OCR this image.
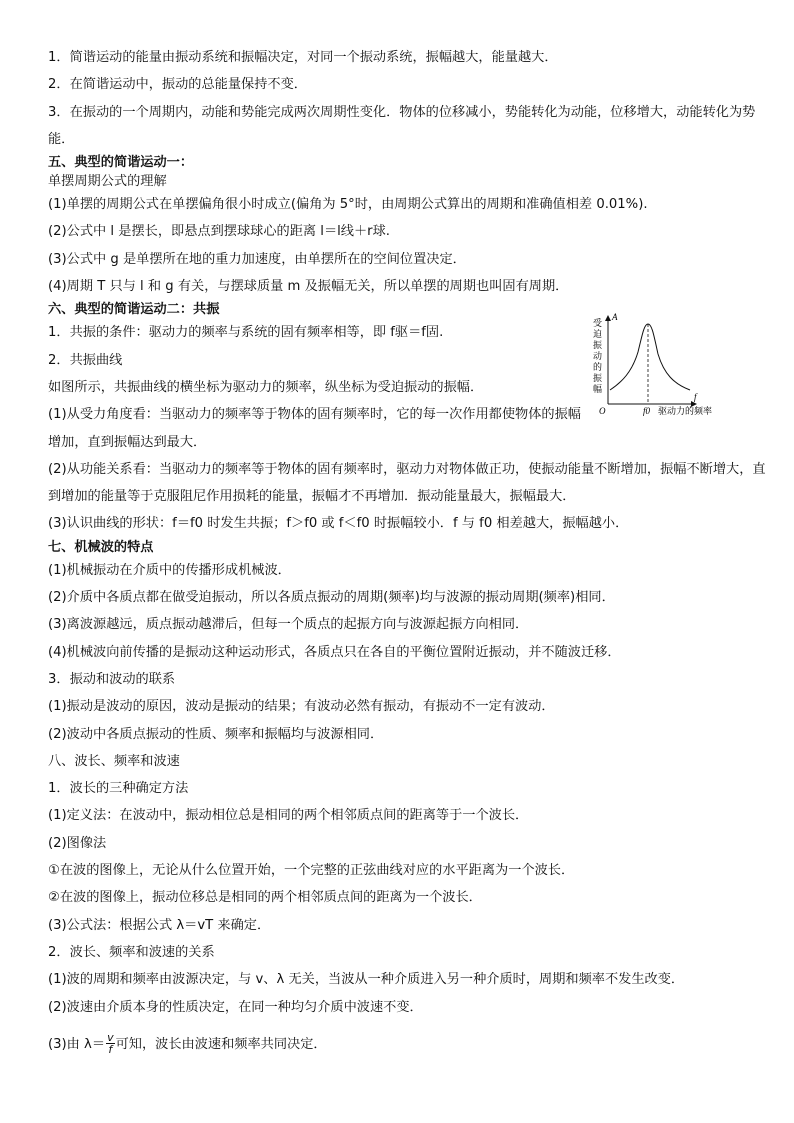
1．简谐运动的能量由振动系统和振幅决定，对同一个振动系统，振幅越大，能量越大．
2．在简谐运动中，振动的总能量保持不变．
3．在振动的一个周期内，动能和势能完成两次周期性变化．物体的位移减小，势能转化为动能，位移增大，动能转化为势能．
五、典型的简谐运动一：
单摆周期公式的理解
(1)单摆的周期公式在单摆偏角很小时成立(偏角为 5°时，由周期公式算出的周期和准确值相差 0.01%).
(2)公式中 l 是摆长，即悬点到摆球球心的距离 l＝l线＋r球.
(3)公式中 g 是单摆所在地的重力加速度，由单摆所在的空间位置决定．
(4)周期 T 只与 l 和 g 有关，与摆球质量 m 及振幅无关，所以单摆的周期也叫固有周期．
六、典型的简谐运动二：共振
1．共振的条件：驱动力的频率与系统的固有频率相等，即 f驱＝f固.
2．共振曲线
如图所示，共振曲线的横坐标为驱动力的频率，纵坐标为受迫振动的振幅．
(1)从受力角度看：当驱动力的频率等于物体的固有频率时，它的每一次作用都使物体的振幅增加，直到振幅达到最大．
(2)从功能关系看：当驱动力的频率等于物体的固有频率时，驱动力对物体做正功，使振动能量不断增加，振幅不断增大，直到增加的能量等于克服阻尼作用损耗的能量，振幅才不再增加．振动能量最大，振幅最大．
(3)认识曲线的形状：f＝f0 时发生共振；f＞f0 或 f＜f0 时振幅较小．f 与 f0 相差越大，振幅越小．
七、机械波的特点
(1)机械振动在介质中的传播形成机械波．
(2)介质中各质点都在做受迫振动，所以各质点振动的周期(频率)均与波源的振动周期(频率)相同．
(3)离波源越远，质点振动越滞后，但每一个质点的起振方向与波源起振方向相同．
(4)机械波向前传播的是振动这种运动形式，各质点只在各自的平衡位置附近振动，并不随波迁移．
3．振动和波动的联系
(1)振动是波动的原因，波动是振动的结果；有波动必然有振动，有振动不一定有波动．
(2)波动中各质点振动的性质、频率和振幅均与波源相同．
八、波长、频率和波速
1．波长的三种确定方法
(1)定义法：在波动中，振动相位总是相同的两个相邻质点间的距离等于一个波长．
(2)图像法
①在波的图像上，无论从什么位置开始，一个完整的正弦曲线对应的水平距离为一个波长．
②在波的图像上，振动位移总是相同的两个相邻质点间的距离为一个波长．
(3)公式法：根据公式 λ＝vT 来确定．
2．波长、频率和波速的关系
(1)波的周期和频率由波源决定，与 v、λ 无关，当波从一种介质进入另一种介质时，周期和频率不发生改变．
(2)波速由介质本身的性质决定，在同一种均匀介质中波速不变．
(3)由 $\lambda= \frac{v}{f}$ 可知，波长由波速和频率共同决定．
A
f
O	f0 驱动力的频率
受
迫
振
动
的
振
幅
